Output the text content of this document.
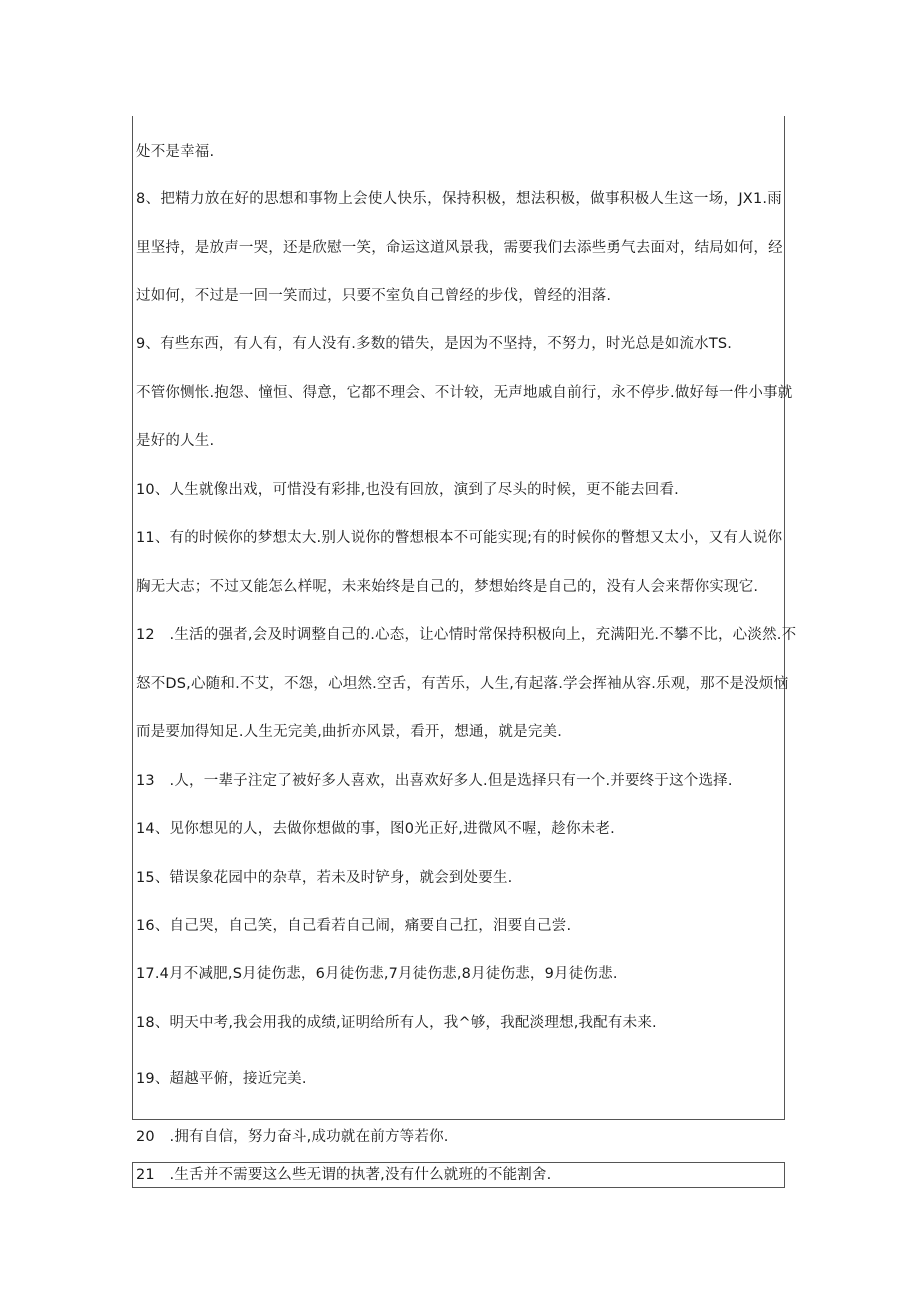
处不是幸福.
8、把精力放在好的思想和事物上会使人快乐，保持积极，想法积极，做事积极人生这一场，JX1.雨
里坚持，是放声一哭，还是欣慰一笑，命运这道风景我，需要我们去添些勇气去面对，结局如何，经
过如何，不过是一回一笑而过，只要不室负自己曾经的步伐，曾经的泪落.
9、有些东西，有人有，有人没有.多数的错失，是因为不坚持，不努力，时光总是如流水TS.
不管你恻怅.抱怨、憧恒、得意，它都不理会、不计较，无声地戚自前行，永不停步.做好每一件小事就
是好的人生.
10、人生就像出戏，可惜没有彩排,也没有回放，演到了尽头的时候，更不能去回看.
11、有的时候你的梦想太大.别人说你的瞥想根本不可能实现;有的时候你的瞥想又太小，又有人说你
胸无大志；不过又能怎么样呢，未来始终是自己的，梦想始终是自己的，没有人会来帮你实现它.
12　.生活的强者,会及时调整自己的.心态，让心情时常保持积极向上，充满阳光.不攀不比，心淡然.不
怒不DS,心随和.不艾，不怨，心坦然.空舌，有苦乐，人生,有起落.学会挥袖从容.乐观，那不是没烦恼
而是要加得知足.人生无完美,曲折亦风景，看开，想通，就是完美.
13　.人，一辈子注定了被好多人喜欢，出喜欢好多人.但是选择只有一个.并要终于这个选择.
14、见你想见的人，去做你想做的事，图0光正好,进微风不喔，趁你未老.
15、错误象花园中的杂草，若未及时铲身，就会到处要生.
16、自己哭，自己笑，自己看若自己闹，痛要自己扛，泪要自己尝.
17.4月不减肥,S月徒伤悲，6月徒伤悲,7月徒伤悲,8月徒伤悲，9月徒伤悲.
18、明天中考,我会用我的成绩,证明给所有人，我^够，我配淡理想,我配有未来.
19、超越平俯，接近完美.
20　.拥有自信，努力奋斗,成功就在前方等若你.
21　.生舌并不需要这么些无谓的执著,没有什么就班的不能割舍.
